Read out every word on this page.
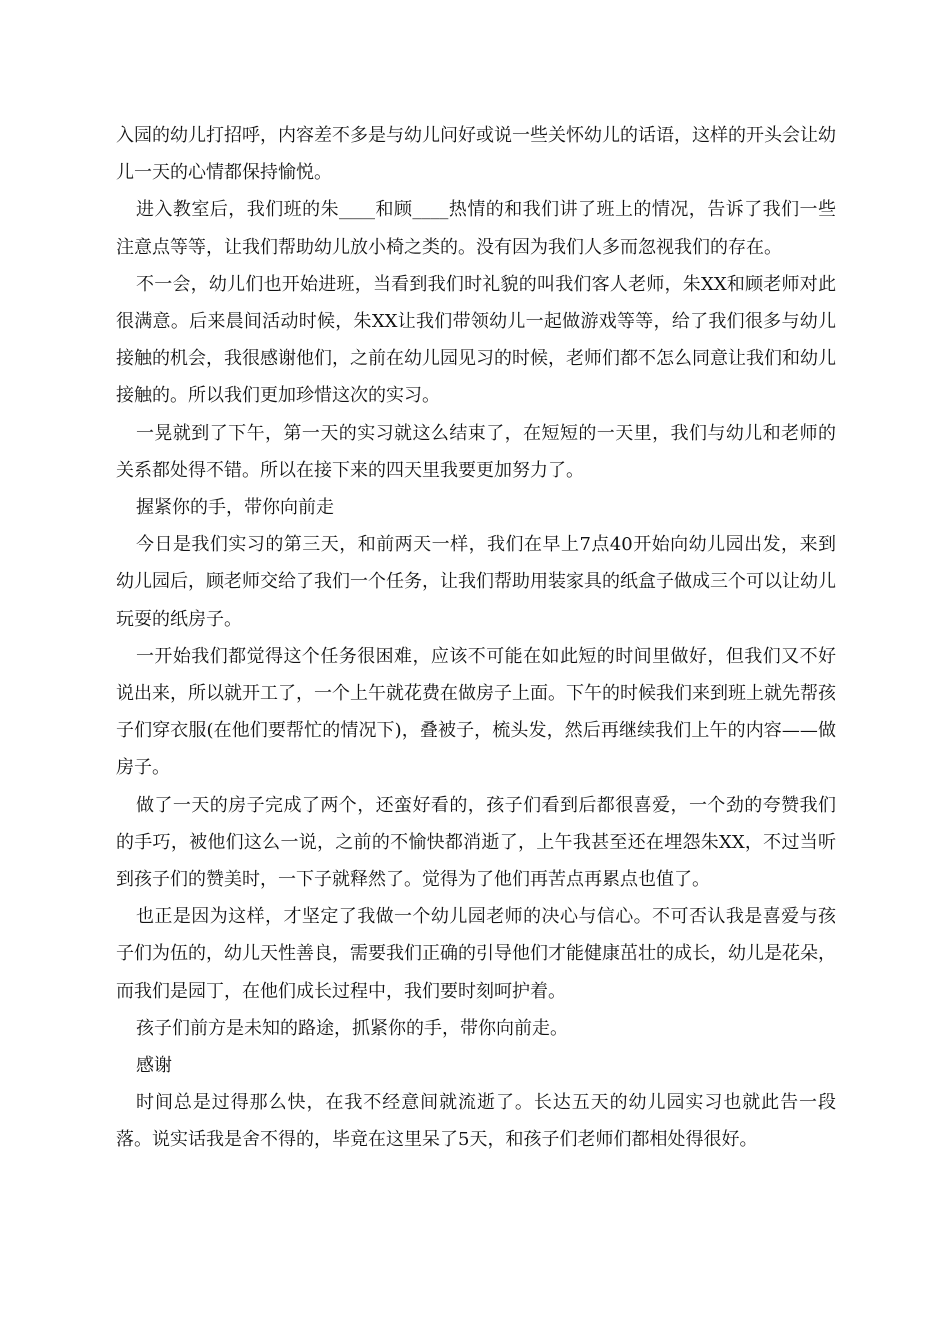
入园的幼儿打招呼，内容差不多是与幼儿问好或说一些关怀幼儿的话语，这样的开头会让幼儿一天的心情都保持愉悦。

进入教室后，我们班的朱____和顾____热情的和我们讲了班上的情况，告诉了我们一些注意点等等，让我们帮助幼儿放小椅之类的。没有因为我们人多而忽视我们的存在。

不一会，幼儿们也开始进班，当看到我们时礼貌的叫我们客人老师，朱XX和顾老师对此很满意。后来晨间活动时候，朱XX让我们带领幼儿一起做游戏等等，给了我们很多与幼儿接触的机会，我很感谢他们，之前在幼儿园见习的时候，老师们都不怎么同意让我们和幼儿接触的。所以我们更加珍惜这次的实习。

一晃就到了下午，第一天的实习就这么结束了，在短短的一天里，我们与幼儿和老师的关系都处得不错。所以在接下来的四天里我要更加努力了。

握紧你的手，带你向前走

今日是我们实习的第三天，和前两天一样，我们在早上7点40开始向幼儿园出发，来到幼儿园后，顾老师交给了我们一个任务，让我们帮助用装家具的纸盒子做成三个可以让幼儿玩耍的纸房子。

一开始我们都觉得这个任务很困难，应该不可能在如此短的时间里做好，但我们又不好说出来，所以就开工了，一个上午就花费在做房子上面。下午的时候我们来到班上就先帮孩子们穿衣服(在他们要帮忙的情况下)，叠被子，梳头发，然后再继续我们上午的内容——做房子。

做了一天的房子完成了两个，还蛮好看的，孩子们看到后都很喜爱，一个劲的夸赞我们的手巧，被他们这么一说，之前的不愉快都消逝了，上午我甚至还在埋怨朱XX，不过当听到孩子们的赞美时，一下子就释然了。觉得为了他们再苦点再累点也值了。

也正是因为这样，才坚定了我做一个幼儿园老师的决心与信心。不可否认我是喜爱与孩子们为伍的，幼儿天性善良，需要我们正确的引导他们才能健康茁壮的成长，幼儿是花朵，而我们是园丁，在他们成长过程中，我们要时刻呵护着。

孩子们前方是未知的路途，抓紧你的手，带你向前走。

感谢

时间总是过得那么快，在我不经意间就流逝了。长达五天的幼儿园实习也就此告一段落。说实话我是舍不得的，毕竟在这里呆了5天，和孩子们老师们都相处得很好。
